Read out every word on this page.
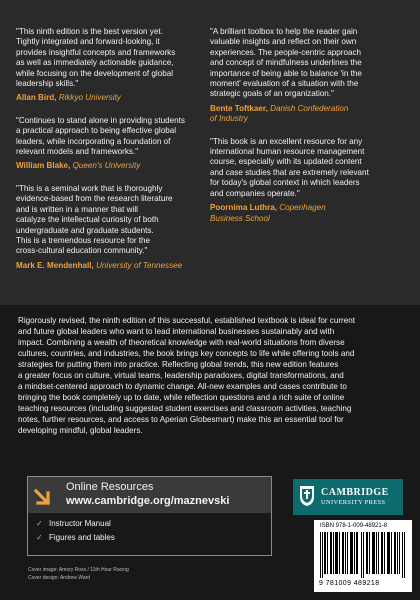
"This ninth edition is the best version yet.
Tightly integrated and forward-looking, it
provides insightful concepts and frameworks
as well as immediately actionable guidance,
while focusing on the development of global
leadership skills."

Allan Bird, Rikkyo University

"Continues to stand alone in providing students
a practical approach to being effective global
leaders, while incorporating a foundation of
relevant models and frameworks."

William Blake, Queen's University

"This is a seminal work that is thoroughly
evidence-based from the research literature
and is written in a manner that will
catalyze the intellectual curiosity of both
undergraduate and graduate students.
This is a tremendous resource for the
cross-cultural education community."

Mark E. Mendenhall, University of Tennessee

"A brilliant toolbox to help the reader gain
valuable insights and reflect on their own
experiences. The people-centric approach
and concept of mindfulness underlines the
importance of being able to balance 'in the
moment' evaluation of a situation with the
strategic goals of an organization."

Bente Toftkaer, Danish Confederation
of Industry

"This book is an excellent resource for any
international human resource management
course, especially with its updated content
and case studies that are extremely relevant
for today's global context in which leaders
and companies operate."

Poornima Luthra, Copenhagen
Business School

Rigorously revised, the ninth edition of this successful, established textbook is ideal for current
and future global leaders who want to lead international businesses sustainably and with
impact. Combining a wealth of theoretical knowledge with real-world situations from diverse
cultures, countries, and industries, the book brings key concepts to life while offering tools and
strategies for putting them into practice. Reflecting global trends, this new edition features
a greater focus on culture, virtual teams, leadership paradoxes, digital transformations, and
a mindset-centered approach to dynamic change. All-new examples and cases contribute to
bringing the book completely up to date, while reflection questions and a rich suite of online
teaching resources (including suggested student exercises and classroom activities, teaching
notes, further resources, and access to Aperian Globesmart) make this an essential tool for
developing mindful, global leaders.

Online Resources
www.cambridge.org/maznevski
✓ Instructor Manual
✓ Figures and tables
Cover image: Amory Ross / 11th Hour Racing
Cover design: Andrew Ward
CAMBRIDGE
UNIVERSITY PRESS
ISBN 978-1-009-48921-8
9 781009 489218
